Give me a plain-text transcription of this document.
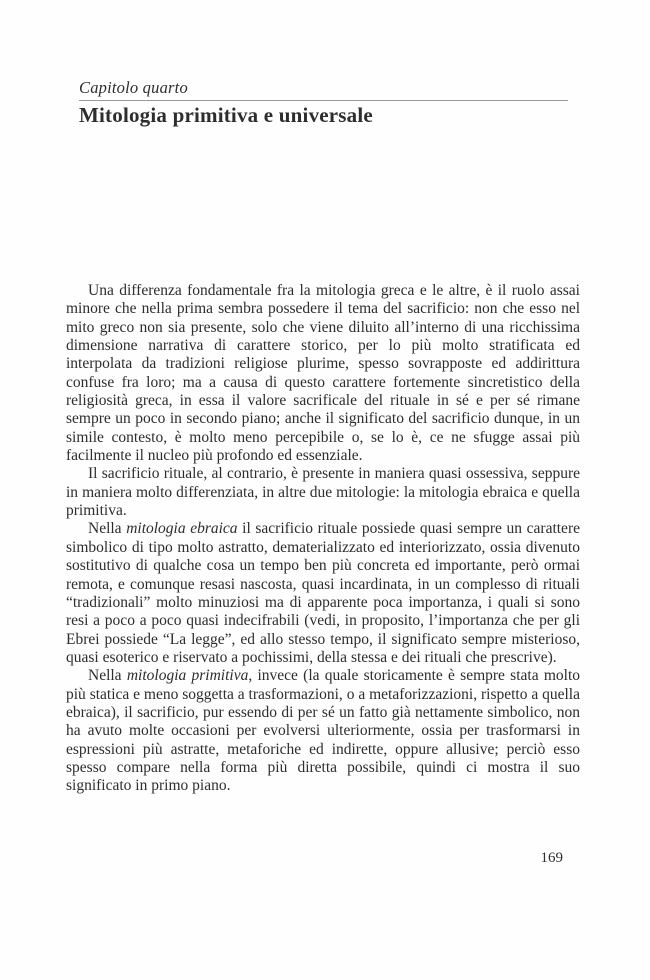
Capitolo quarto
Mitologia primitiva e universale

Una differenza fondamentale fra la mitologia greca e le altre, è il ruolo assai minore che nella prima sembra possedere il tema del sacrificio: non che esso nel mito greco non sia presente, solo che viene diluito all’interno di una ricchissima dimensione narrativa di carattere storico, per lo più molto stratificata ed interpolata da tradizioni religiose plurime, spesso sovrapposte ed addirittura confuse fra loro; ma a causa di questo carattere fortemente sincretistico della religiosità greca, in essa il valore sacrificale del rituale in sé e per sé rimane sempre un poco in secondo piano; anche il significato del sacrificio dunque, in un simile contesto, è molto meno percepibile o, se lo è, ce ne sfugge assai più facilmente il nucleo più profondo ed essenziale.

Il sacrificio rituale, al contrario, è presente in maniera quasi ossessiva, seppure in maniera molto differenziata, in altre due mitologie: la mitologia ebraica e quella primitiva.

Nella mitologia ebraica il sacrificio rituale possiede quasi sempre un carattere simbolico di tipo molto astratto, dematerializzato ed interiorizzato, ossia divenuto sostitutivo di qualche cosa un tempo ben più concreta ed importante, però ormai remota, e comunque resasi nascosta, quasi incardinata, in un complesso di rituali “tradizionali” molto minuziosi ma di apparente poca importanza, i quali si sono resi a poco a poco quasi indecifrabili (vedi, in proposito, l’importanza che per gli Ebrei possiede “La legge”, ed allo stesso tempo, il significato sempre misterioso, quasi esoterico e riservato a pochissimi, della stessa e dei rituali che prescrive).

Nella mitologia primitiva, invece (la quale storicamente è sempre stata molto più statica e meno soggetta a trasformazioni, o a metaforizzazioni, rispetto a quella ebraica), il sacrificio, pur essendo di per sé un fatto già nettamente simbolico, non ha avuto molte occasioni per evolversi ulteriormente, ossia per trasformarsi in espressioni più astratte, metaforiche ed indirette, oppure allusive; perciò esso spesso compare nella forma più diretta possibile, quindi ci mostra il suo significato in primo piano.

169
